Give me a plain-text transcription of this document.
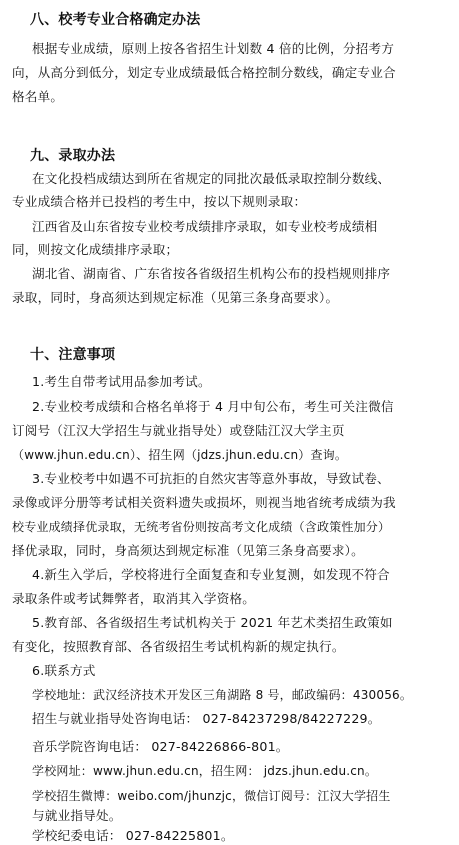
八、校考专业合格确定办法
根据专业成绩，原则上按各省招生计划数 4 倍的比例，分招考方
向，从高分到低分，划定专业成绩最低合格控制分数线，确定专业合
格名单。
九、录取办法
在文化投档成绩达到所在省规定的同批次最低录取控制分数线、
专业成绩合格并已投档的考生中，按以下规则录取：
江西省及山东省按专业校考成绩排序录取，如专业校考成绩相
同，则按文化成绩排序录取；
湖北省、湖南省、广东省按各省级招生机构公布的投档规则排序
录取，同时，身高须达到规定标准（见第三条身高要求）。
十、注意事项
1.考生自带考试用品参加考试。
2.专业校考成绩和合格名单将于 4 月中旬公布，考生可关注微信
订阅号（江汉大学招生与就业指导处）或登陆江汉大学主页
（www.jhun.edu.cn）、招生网（jdzs.jhun.edu.cn）查询。
3.专业校考中如遇不可抗拒的自然灾害等意外事故，导致试卷、
录像或评分册等考试相关资料遗失或损坏，则视当地省统考成绩为我
校专业成绩择优录取，无统考省份则按高考文化成绩（含政策性加分）
择优录取，同时，身高须达到规定标准（见第三条身高要求）。
4.新生入学后，学校将进行全面复查和专业复测，如发现不符合
录取条件或考试舞弊者，取消其入学资格。
5.教育部、各省级招生考试机构关于 2021 年艺术类招生政策如
有变化，按照教育部、各省级招生考试机构新的规定执行。
6.联系方式
学校地址：武汉经济技术开发区三角湖路 8 号，邮政编码：430056。
招生与就业指导处咨询电话： 027-84237298/84227229。
音乐学院咨询电话： 027-84226866-801。
学校网址：www.jhun.edu.cn，招生网： jdzs.jhun.edu.cn。
学校招生微博：weibo.com/jhunzjc，微信订阅号：江汉大学招生
与就业指导处。
学校纪委电话： 027-84225801。
